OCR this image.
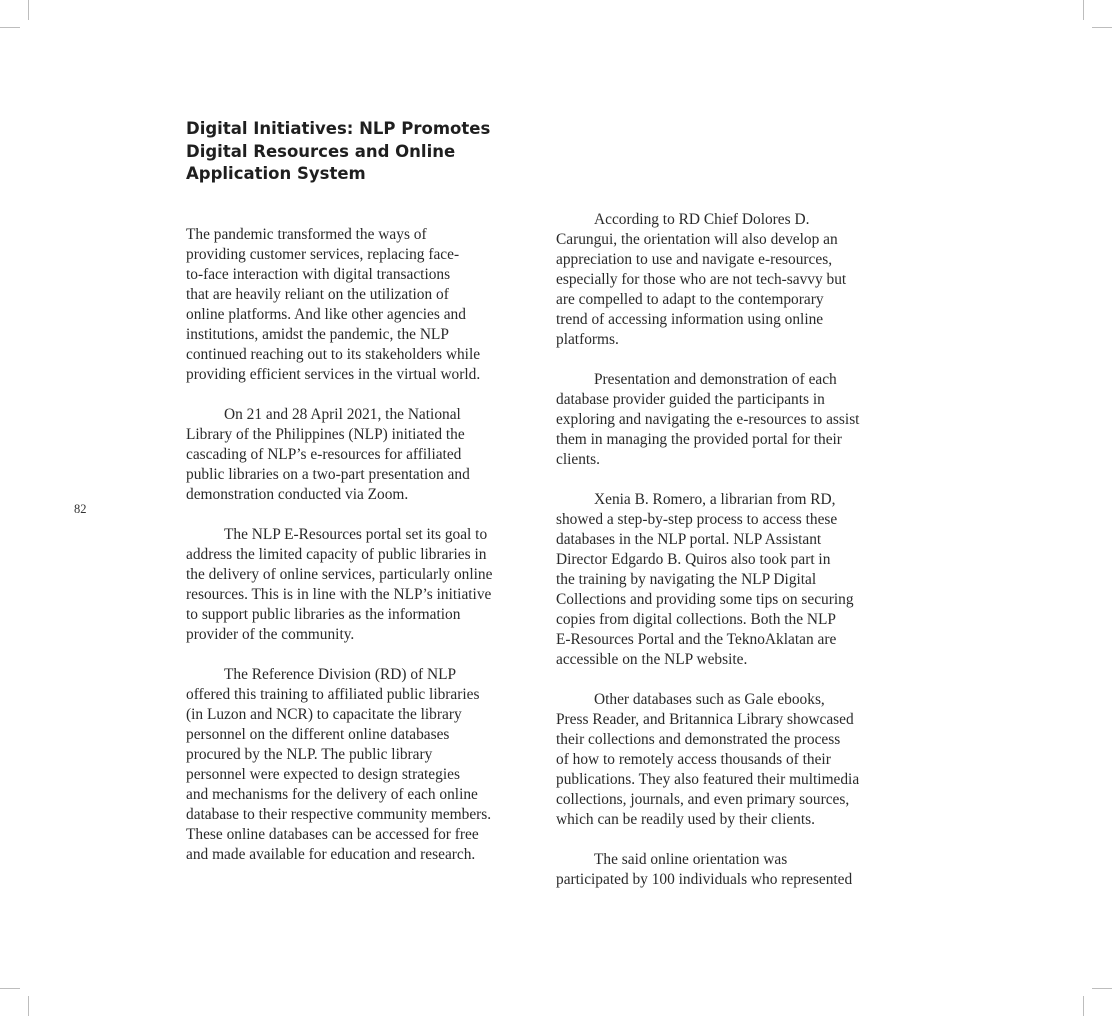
Digital Initiatives: NLP Promotes
Digital Resources and Online
Application System
82

The pandemic transformed the ways of
providing customer services, replacing face-
to-face interaction with digital transactions
that are heavily reliant on the utilization of
online platforms. And like other agencies and
institutions, amidst the pandemic, the NLP
continued reaching out to its stakeholders while
providing efficient services in the virtual world.

On 21 and 28 April 2021, the National
Library of the Philippines (NLP) initiated the
cascading of NLP’s e-resources for affiliated
public libraries on a two-part presentation and
demonstration conducted via Zoom.

The NLP E-Resources portal set its goal to
address the limited capacity of public libraries in
the delivery of online services, particularly online
resources. This is in line with the NLP’s initiative
to support public libraries as the information
provider of the community.

The Reference Division (RD) of NLP
offered this training to affiliated public libraries
(in Luzon and NCR) to capacitate the library
personnel on the different online databases
procured by the NLP. The public library
personnel were expected to design strategies
and mechanisms for the delivery of each online
database to their respective community members.
These online databases can be accessed for free
and made available for education and research.

According to RD Chief Dolores D.
Carungui, the orientation will also develop an
appreciation to use and navigate e-resources,
especially for those who are not tech-savvy but
are compelled to adapt to the contemporary
trend of accessing information using online
platforms.

Presentation and demonstration of each
database provider guided the participants in
exploring and navigating the e-resources to assist
them in managing the provided portal for their
clients.

Xenia B. Romero, a librarian from RD,
showed a step-by-step process to access these
databases in the NLP portal. NLP Assistant
Director Edgardo B. Quiros also took part in
the training by navigating the NLP Digital
Collections and providing some tips on securing
copies from digital collections. Both the NLP
E-Resources Portal and the TeknoAklatan are
accessible on the NLP website.

Other databases such as Gale ebooks,
Press Reader, and Britannica Library showcased
their collections and demonstrated the process
of how to remotely access thousands of their
publications. They also featured their multimedia
collections, journals, and even primary sources,
which can be readily used by their clients.

The said online orientation was
participated by 100 individuals who represented
